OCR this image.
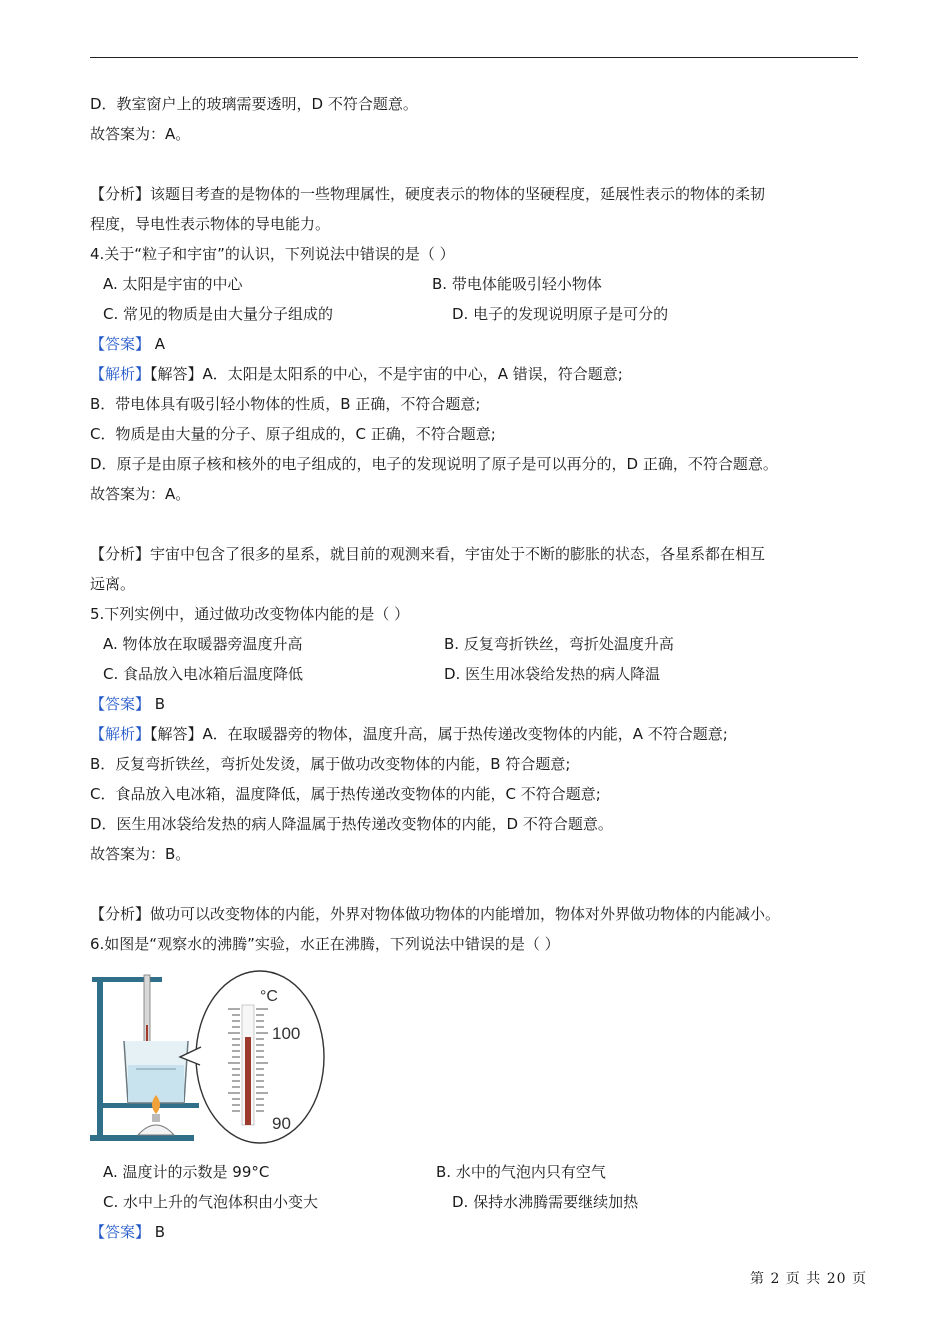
D．教室窗户上的玻璃需要透明，D 不符合题意。
故答案为：A。
【分析】该题目考查的是物体的一些物理属性，硬度表示的物体的坚硬程度，延展性表示的物体的柔韧
程度，导电性表示物体的导电能力。
4.关于“粒子和宇宙”的认识，下列说法中错误的是（ ）
A. 太阳是宇宙的中心	B. 带电体能吸引轻小物体
C. 常见的物质是由大量分子组成的	D. 电子的发现说明原子是可分的
【答案】 A
【解析】【解答】A．太阳是太阳系的中心，不是宇宙的中心，A 错误，符合题意;
B．带电体具有吸引轻小物体的性质，B 正确，不符合题意;
C．物质是由大量的分子、原子组成的，C 正确，不符合题意;
D．原子是由原子核和核外的电子组成的，电子的发现说明了原子是可以再分的，D 正确，不符合题意。
故答案为：A。
【分析】宇宙中包含了很多的星系，就目前的观测来看，宇宙处于不断的膨胀的状态，各星系都在相互
远离。
5.下列实例中，通过做功改变物体内能的是（ ）
A. 物体放在取暖器旁温度升高	B. 反复弯折铁丝，弯折处温度升高
C. 食品放入电冰箱后温度降低	D. 医生用冰袋给发热的病人降温
【答案】 B
【解析】【解答】A．在取暖器旁的物体，温度升高，属于热传递改变物体的内能，A 不符合题意;
B．反复弯折铁丝，弯折处发烫，属于做功改变物体的内能，B 符合题意;
C．食品放入电冰箱，温度降低，属于热传递改变物体的内能，C 不符合题意;
D．医生用冰袋给发热的病人降温属于热传递改变物体的内能，D 不符合题意。
故答案为：B。
【分析】做功可以改变物体的内能，外界对物体做功物体的内能增加，物体对外界做功物体的内能减小。
6.如图是“观察水的沸腾”实验，水正在沸腾，下列说法中错误的是（ ）
°C
100
90
A. 温度计的示数是 99°C	B. 水中的气泡内只有空气
C. 水中上升的气泡体积由小变大	D. 保持水沸腾需要继续加热
【答案】 B
第 2 页 共 20 页
